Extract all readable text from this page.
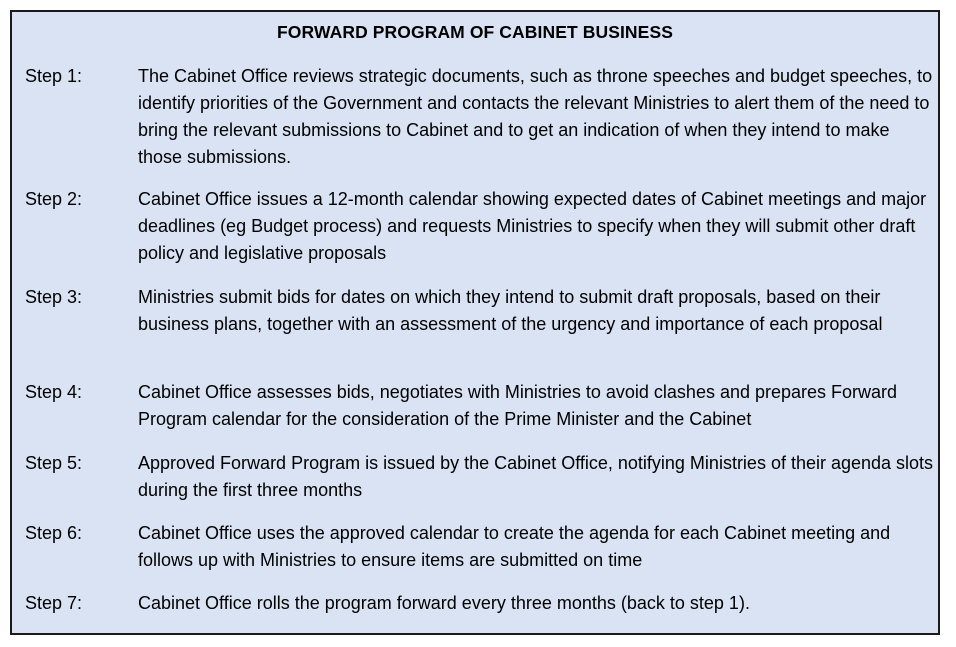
FORWARD PROGRAM OF CABINET BUSINESS
Step 1:	The Cabinet Office reviews strategic documents, such as throne speeches and budget speeches, to identify priorities of the Government and contacts the relevant Ministries to alert them of the need to bring the relevant submissions to Cabinet and to get an indication of when they intend to make those submissions.
Step 2:	Cabinet Office issues a 12-month calendar showing expected dates of Cabinet meetings and major deadlines (eg Budget process) and requests Ministries to specify when they will submit other draft policy and legislative proposals
Step 3:	Ministries submit bids for dates on which they intend to submit draft proposals, based on their business plans, together with an assessment of the urgency and importance of each proposal
Step 4:	Cabinet Office assesses bids, negotiates with Ministries to avoid clashes and prepares Forward Program calendar for the consideration of the Prime Minister and the Cabinet
Step 5:	Approved Forward Program is issued by the Cabinet Office, notifying Ministries of their agenda slots during the first three months
Step 6:	Cabinet Office uses the approved calendar to create the agenda for each Cabinet meeting and follows up with Ministries to ensure items are submitted on time
Step 7:	Cabinet Office rolls the program forward every three months (back to step 1).
